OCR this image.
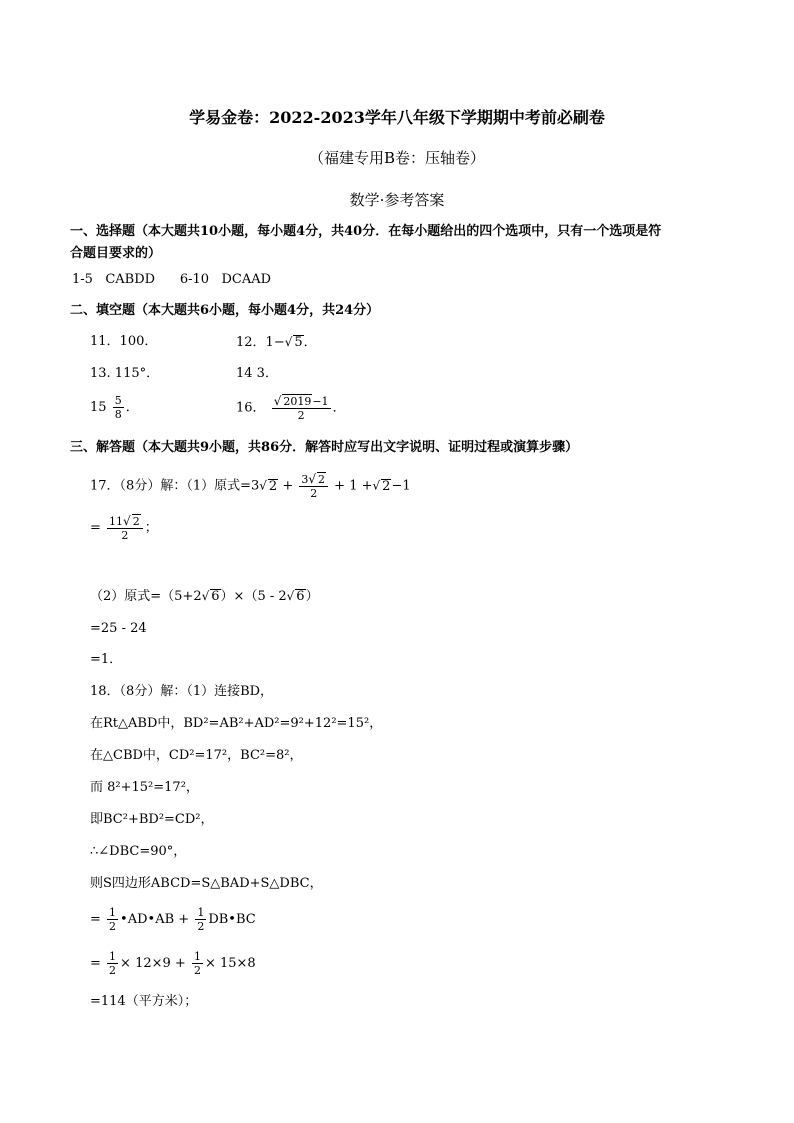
学易金卷：2022-2023学年八年级下学期期中考前必刷卷
（福建专用B卷：压轴卷）
数学·参考答案
一、选择题（本大题共10小题，每小题4分，共40分．在每小题给出的四个选项中，只有一个选项是符
合题目要求的）
1-5   CABDD      6-10   DCAAD
二、填空题（本大题共6小题，每小题4分，共24分）
11．100．	12．1−√ 5．
13. 115°．	14 3．
$15 \frac{5}{8}$ ．	16． $\frac{√ 2019-1}{2}$ ．
三、解答题（本大题共9小题，共86分．解答时应写出文字说明、证明过程或演算步骤）
17．（8分）解：（1）原式=3√ $2 + \frac{3√ 2}{2} + 1$ +√ 2−1
= $\frac{11√ 2}{2}$ ；
（2）原式=（5+2√ 6）×（5 - 2√ 6）
=25 - 24
=1．
18．（8分）解：（1）连接BD，
在Rt△ABD中，BD²=AB²+AD²=9²+12²=15²，
在△CBD中，CD²=17²，BC²=8²，
而 8²+15²=17²，
即BC²+BD²=CD²，
∴∠DBC=90°，
则S四边形ABCD=S△BAD+S△DBC，
= $\frac{1}{2}$ •AD•AB + $\frac{1}{2}$ DB•BC
= $\frac{1}{2} \times 12\times 9 + \frac{1}{2} \times 15\times 8$
=114（平方米）；
